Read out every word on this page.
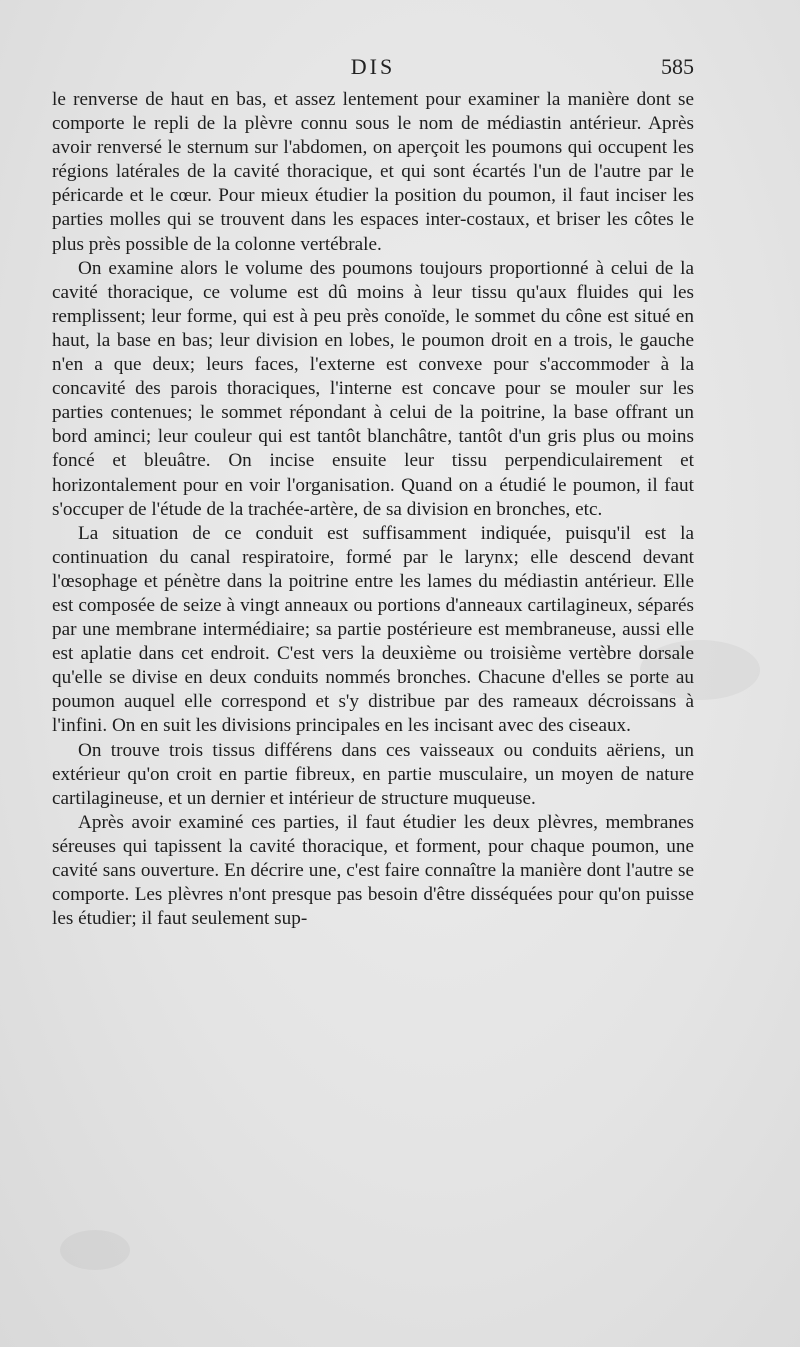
DIS	585

le renverse de haut en bas, et assez lentement pour examiner la manière dont se comporte le repli de la plèvre connu sous le nom de médiastin antérieur. Après avoir renversé le sternum sur l'abdomen, on aperçoit les poumons qui occupent les régions latérales de la cavité thoracique, et qui sont écartés l'un de l'autre par le péricarde et le cœur. Pour mieux étudier la position du poumon, il faut inciser les parties molles qui se trouvent dans les espaces inter-costaux, et briser les côtes le plus près possible de la colonne vertébrale.

On examine alors le volume des poumons toujours proportionné à celui de la cavité thoracique, ce volume est dû moins à leur tissu qu'aux fluides qui les remplissent; leur forme, qui est à peu près conoïde, le sommet du cône est situé en haut, la base en bas; leur division en lobes, le poumon droit en a trois, le gauche n'en a que deux; leurs faces, l'externe est convexe pour s'accommoder à la concavité des parois thoraciques, l'interne est concave pour se mouler sur les parties contenues; le sommet répondant à celui de la poitrine, la base offrant un bord aminci; leur couleur qui est tantôt blanchâtre, tantôt d'un gris plus ou moins foncé et bleuâtre. On incise ensuite leur tissu perpendiculairement et horizontalement pour en voir l'organisation. Quand on a étudié le poumon, il faut s'occuper de l'étude de la trachée-artère, de sa division en bronches, etc.

La situation de ce conduit est suffisamment indiquée, puisqu'il est la continuation du canal respiratoire, formé par le larynx; elle descend devant l'œsophage et pénètre dans la poitrine entre les lames du médiastin antérieur. Elle est composée de seize à vingt anneaux ou portions d'anneaux cartilagineux, séparés par une membrane intermédiaire; sa partie postérieure est membraneuse, aussi elle est aplatie dans cet endroit. C'est vers la deuxième ou troisième vertèbre dorsale qu'elle se divise en deux conduits nommés bronches. Chacune d'elles se porte au poumon auquel elle correspond et s'y distribue par des rameaux décroissans à l'infini. On en suit les divisions principales en les incisant avec des ciseaux.

On trouve trois tissus différens dans ces vaisseaux ou conduits aëriens, un extérieur qu'on croit en partie fibreux, en partie musculaire, un moyen de nature cartilagineuse, et un dernier et intérieur de structure muqueuse.

Après avoir examiné ces parties, il faut étudier les deux plèvres, membranes séreuses qui tapissent la cavité thoracique, et forment, pour chaque poumon, une cavité sans ouverture. En décrire une, c'est faire connaître la manière dont l'autre se comporte. Les plèvres n'ont presque pas besoin d'être disséquées pour qu'on puisse les étudier; il faut seulement sup-
